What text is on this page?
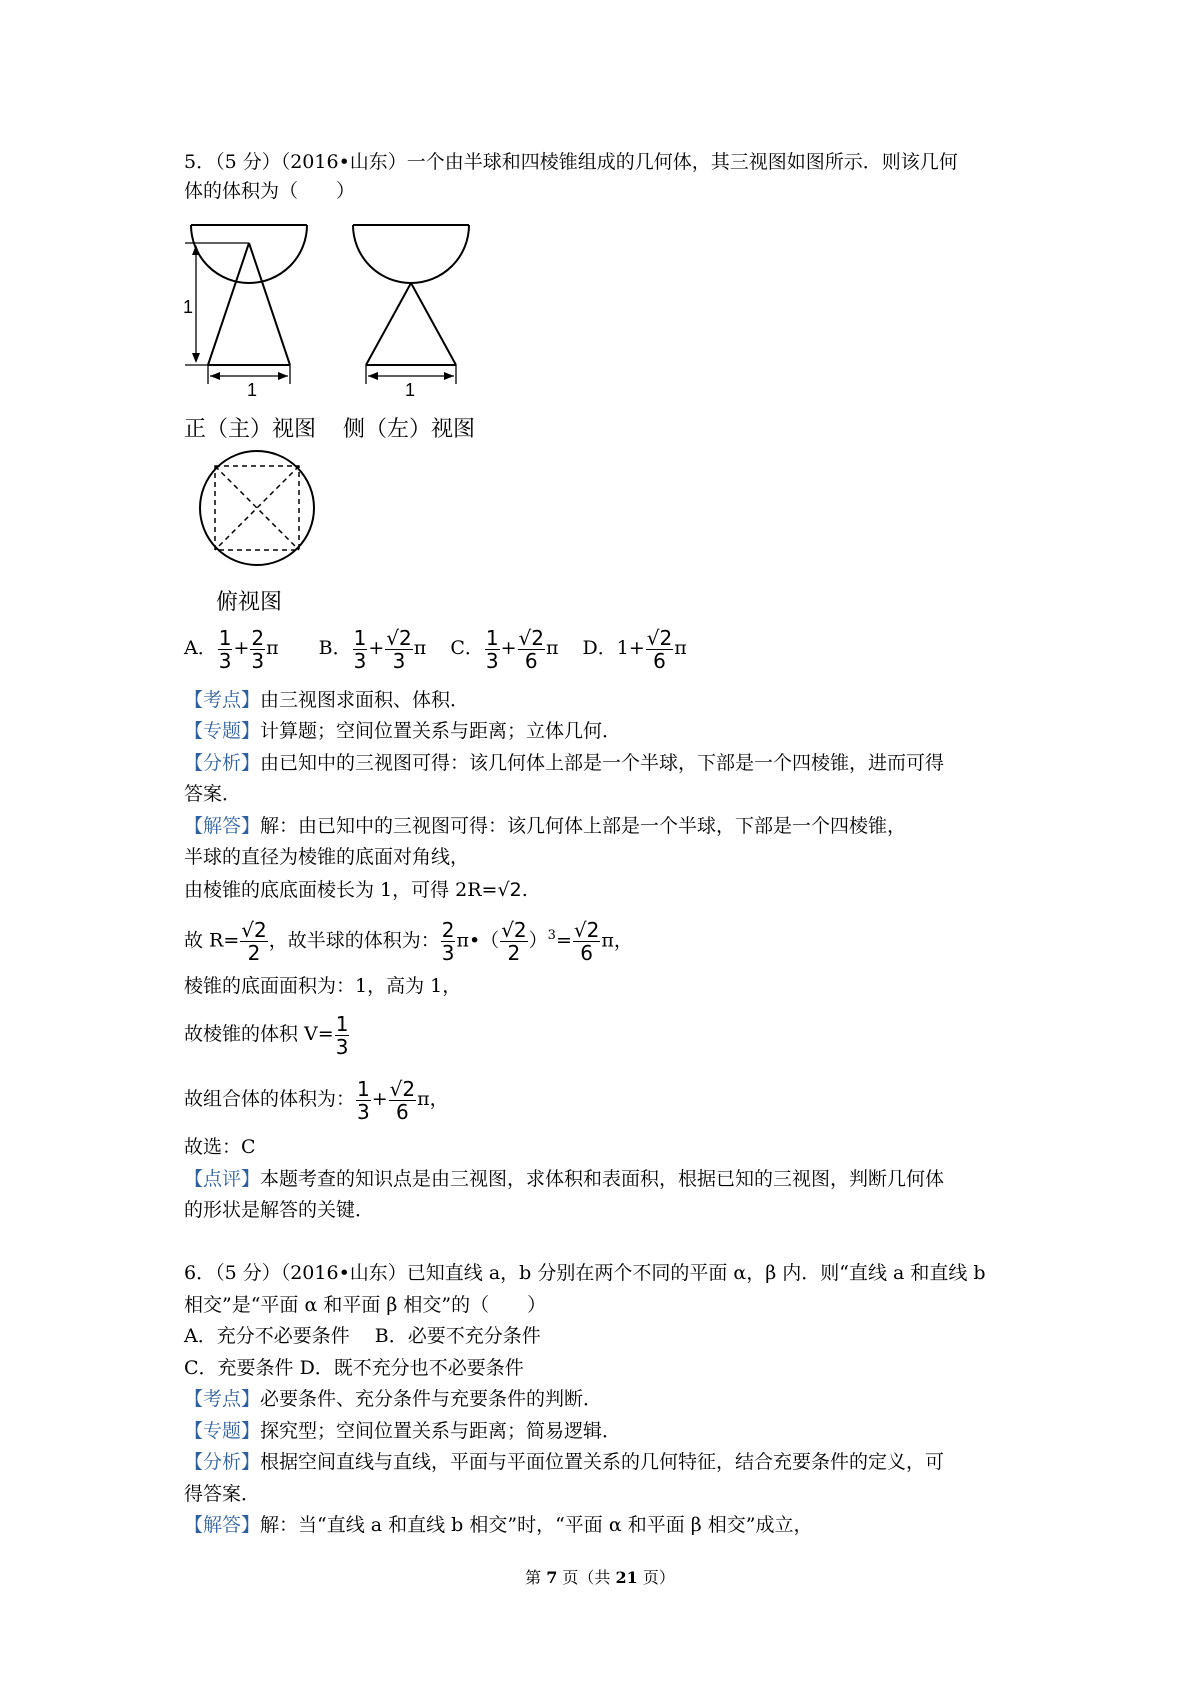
5．（5 分）（2016•山东）一个由半球和四棱锥组成的几何体，其三视图如图所示．则该几何
体的体积为（　　）
1
1	1
正（主）视图 侧（左）视图
俯视图
A． $\frac{1}{3} + \frac{2}{3}$ π B． $\frac{1}{3} + \frac{√2}{3}$ π C． $\frac{1}{3} + \frac{√2}{6}$ π D．$1+ \frac{√2}{6}$ π
【考点】由三视图求面积、体积．
【专题】计算题；空间位置关系与距离；立体几何．
【分析】由已知中的三视图可得：该几何体上部是一个半球，下部是一个四棱锥，进而可得
答案．
【解答】解：由已知中的三视图可得：该几何体上部是一个半球，下部是一个四棱锥，
半球的直径为棱锥的底面对角线，
由棱锥的底底面棱长为 1，可得 2R=√2.
故 $R= \frac{√2}{2}$ ，故半球的体积为： $\frac{2}{3}$ π•（ $\frac{√2}{2} )^3= \frac{√2}{6}$ π，
棱锥的底面面积为：1，高为 1，
故棱锥的体积 $V= \frac{1}{3}$
故组合体的体积为： $\frac{1}{3} + \frac{√2}{6}$ π，
故选：C
【点评】本题考查的知识点是由三视图，求体积和表面积，根据已知的三视图，判断几何体
的形状是解答的关键．
6．（5 分）（2016•山东）已知直线 a，b 分别在两个不同的平面 α，β 内．则“直线 a 和直线 b
相交”是“平面 α 和平面 β 相交”的（　　）
A．充分不必要条件　 B．必要不充分条件
C．充要条件 D．既不充分也不必要条件
【考点】必要条件、充分条件与充要条件的判断．
【专题】探究型；空间位置关系与距离；简易逻辑．
【分析】根据空间直线与直线，平面与平面位置关系的几何特征，结合充要条件的定义，可
得答案．
【解答】解：当“直线 a 和直线 b 相交”时，“平面 α 和平面 β 相交”成立，
第 7 页（共 21 页）
